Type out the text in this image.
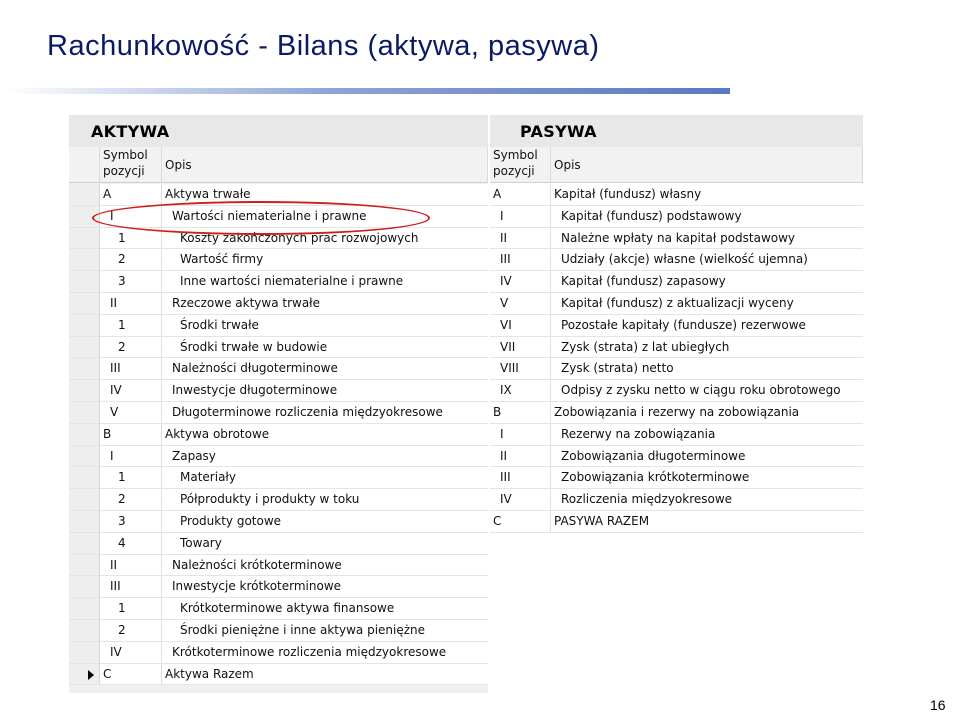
Rachunkowość - Bilans (aktywa, pasywa)
AKTYWA
Symbol pozycji	Opis
A	Aktywa trwałe
I	Wartości niematerialne i prawne
1	Koszty zakończonych prac rozwojowych
2	Wartość firmy
3	Inne wartości niematerialne i prawne
II	Rzeczowe aktywa trwałe
1	Środki trwałe
2	Środki trwałe w budowie
III	Należności długoterminowe
IV	Inwestycje długoterminowe
V	Długoterminowe rozliczenia międzyokresowe
B	Aktywa obrotowe
I	Zapasy
1	Materiały
2	Półprodukty i produkty w toku
3	Produkty gotowe
4	Towary
II	Należności krótkoterminowe
III	Inwestycje krótkoterminowe
1	Krótkoterminowe aktywa finansowe
2	Środki pieniężne i inne aktywa pieniężne
IV	Krótkoterminowe rozliczenia międzyokresowe
C	Aktywa Razem
PASYWA
Symbol pozycji	Opis
A	Kapitał (fundusz) własny
I	Kapitał (fundusz) podstawowy
II	Należne wpłaty na kapitał podstawowy
III	Udziały (akcje) własne (wielkość ujemna)
IV	Kapitał (fundusz) zapasowy
V	Kapitał (fundusz) z aktualizacji wyceny
VI	Pozostałe kapitały (fundusze) rezerwowe
VII	Zysk (strata) z lat ubiegłych
VIII	Zysk (strata) netto
IX	Odpisy z zysku netto w ciągu roku obrotowego
B	Zobowiązania i rezerwy na zobowiązania
I	Rezerwy na zobowiązania
II	Zobowiązania długoterminowe
III	Zobowiązania krótkoterminowe
IV	Rozliczenia międzyokresowe
C	PASYWA RAZEM
16
